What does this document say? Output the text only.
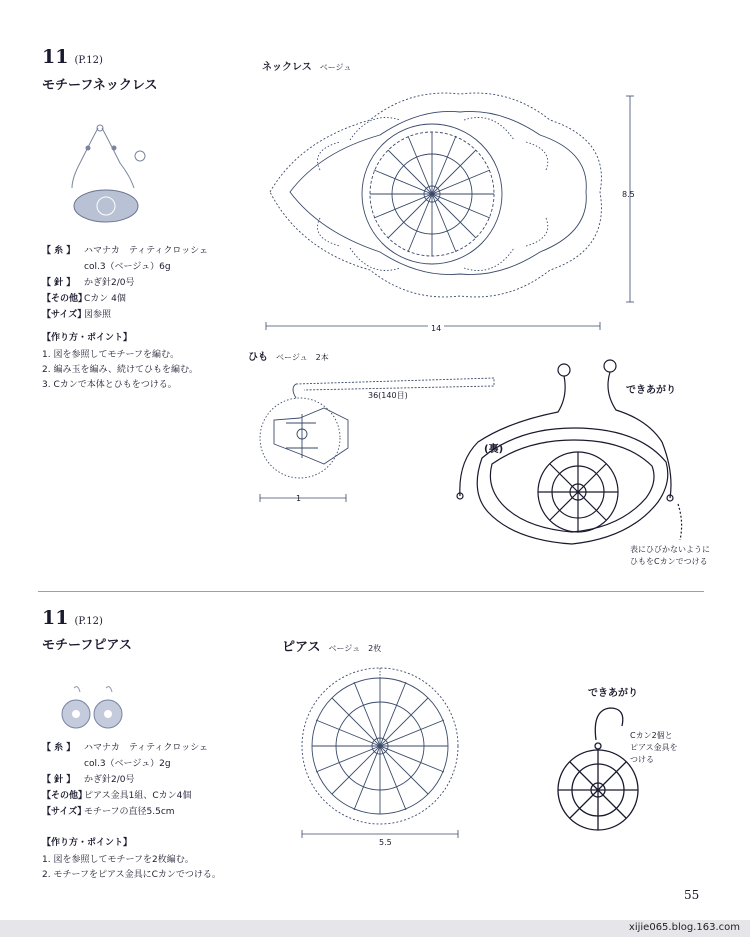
11 (P.12)
モチーフネックレス
【 糸 】 ハマナカ　ティティクロッシェ
col.3（ベージュ）6g
【 針 】 かぎ針2/0号
【その他】Cカン 4個
【サイズ】図参照
【作り方・ポイント】
1. 図を参照してモチーフを編む。
2. 編み玉を編み、続けてひもを編む。
3. Cカンで本体とひもをつける。
ネックレス ベージュ
8.5
14
ひも ベージュ　2本
36(140目)
1
できあがり
(裏)
表にひびかないように
ひもをCカンでつける
11 (P.12)
モチーフピアス
【 糸 】 ハマナカ　ティティクロッシェ
col.3（ベージュ）2g
【 針 】 かぎ針2/0号
【その他】ピアス金具1組、Cカン4個
【サイズ】モチーフの直径5.5cm
【作り方・ポイント】
1. 図を参照してモチーフを2枚編む。
2. モチーフをピアス金具にCカンでつける。
ピアス ベージュ　2枚
5.5
できあがり
Cカン2個と
ピアス金具を
つける
55
xijie065.blog.163.com
